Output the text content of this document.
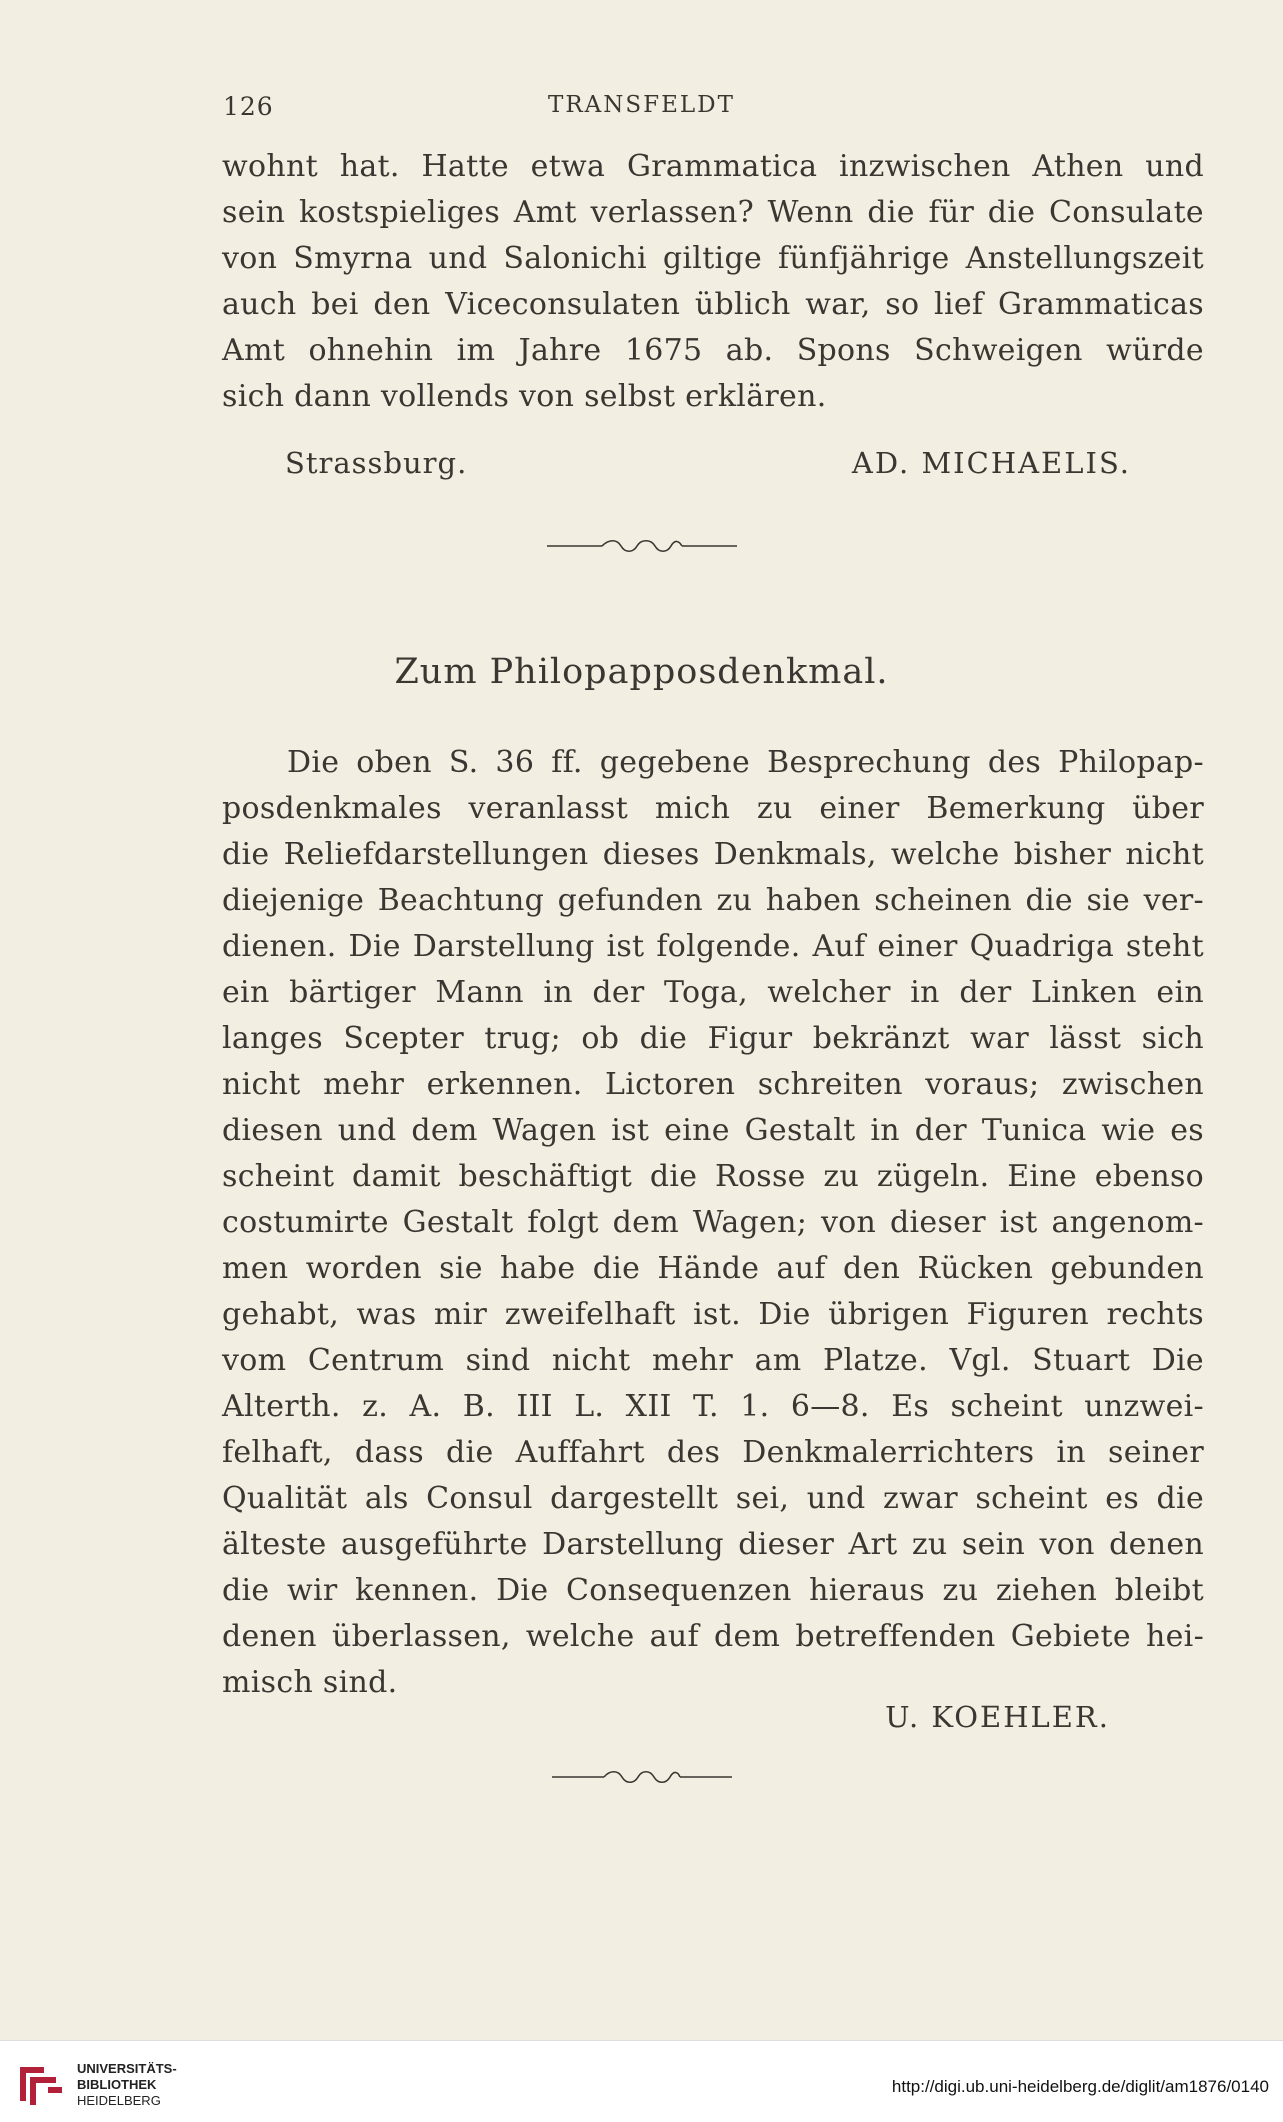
126	TRANSFELDT
wohnt hat. Hatte etwa Grammatica inzwischen Athen und
sein kostspieliges Amt verlassen? Wenn die für die Consulate
von Smyrna und Salonichi giltige fünfjährige Anstellungszeit
auch bei den Viceconsulaten üblich war, so lief Grammaticas
Amt ohnehin im Jahre 1675 ab. Spons Schweigen würde
sich dann vollends von selbst erklären.
Strassburg.	AD. MICHAELIS.
Zum Philopapposdenkmal.
Die oben S. 36 ff. gegebene Besprechung des Philopap-
posdenkmales veranlasst mich zu einer Bemerkung über
die Reliefdarstellungen dieses Denkmals, welche bisher nicht
diejenige Beachtung gefunden zu haben scheinen die sie ver-
dienen. Die Darstellung ist folgende. Auf einer Quadriga steht
ein bärtiger Mann in der Toga, welcher in der Linken ein
langes Scepter trug; ob die Figur bekränzt war lässt sich
nicht mehr erkennen. Lictoren schreiten voraus; zwischen
diesen und dem Wagen ist eine Gestalt in der Tunica wie es
scheint damit beschäftigt die Rosse zu zügeln. Eine ebenso
costumirte Gestalt folgt dem Wagen; von dieser ist angenom-
men worden sie habe die Hände auf den Rücken gebunden
gehabt, was mir zweifelhaft ist. Die übrigen Figuren rechts
vom Centrum sind nicht mehr am Platze. Vgl. Stuart Die
Alterth. z. A. B. III L. XII T. 1. 6—8. Es scheint unzwei-
felhaft, dass die Auffahrt des Denkmalerrichters in seiner
Qualität als Consul dargestellt sei, und zwar scheint es die
älteste ausgeführte Darstellung dieser Art zu sein von denen
die wir kennen. Die Consequenzen hieraus zu ziehen bleibt
denen überlassen, welche auf dem betreffenden Gebiete hei-
misch sind.
U. KOEHLER.
UNIVERSITÄTS-
BIBLIOTHEK
HEIDELBERG
http://digi.ub.uni-heidelberg.de/diglit/am1876/0140
